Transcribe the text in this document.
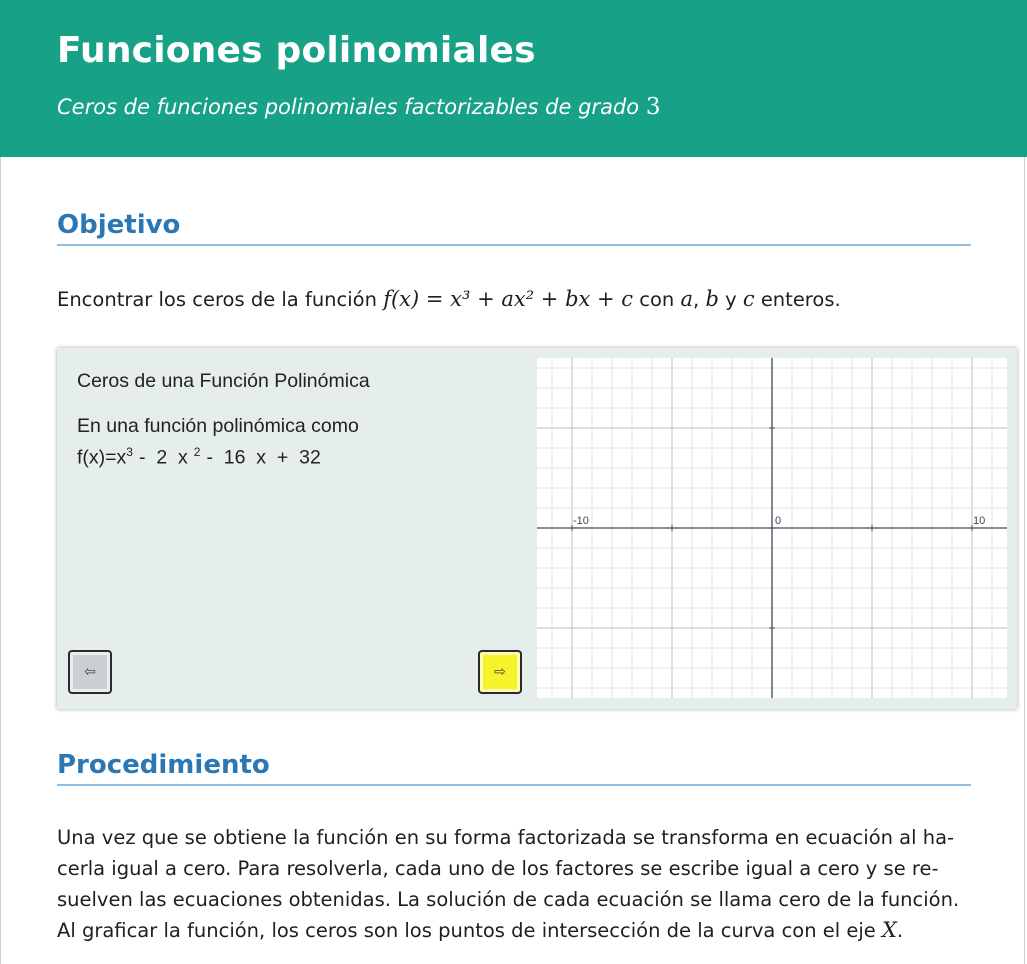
Funciones polinomiales

Ceros de funciones polinomiales factorizables de grado 3

Objetivo

Encontrar los ceros de la función f(x) = x³ + ax² + bx + c con a, b y c enteros.

Ceros de una Función Polinómica

En una función polinómica como

$f(x)=x^3 - 2$  x $^2$ -  16  x  +  32

⇦	⇨
-10	0	10
Procedimiento

Una vez que se obtiene la función en su forma factorizada se transforma en ecuación al ha-

cerla igual a cero. Para resolverla, cada uno de los factores se escribe igual a cero y se re-

suelven las ecuaciones obtenidas. La solución de cada ecuación se llama cero de la función.

Al graficar la función, los ceros son los puntos de intersección de la curva con el eje X.
